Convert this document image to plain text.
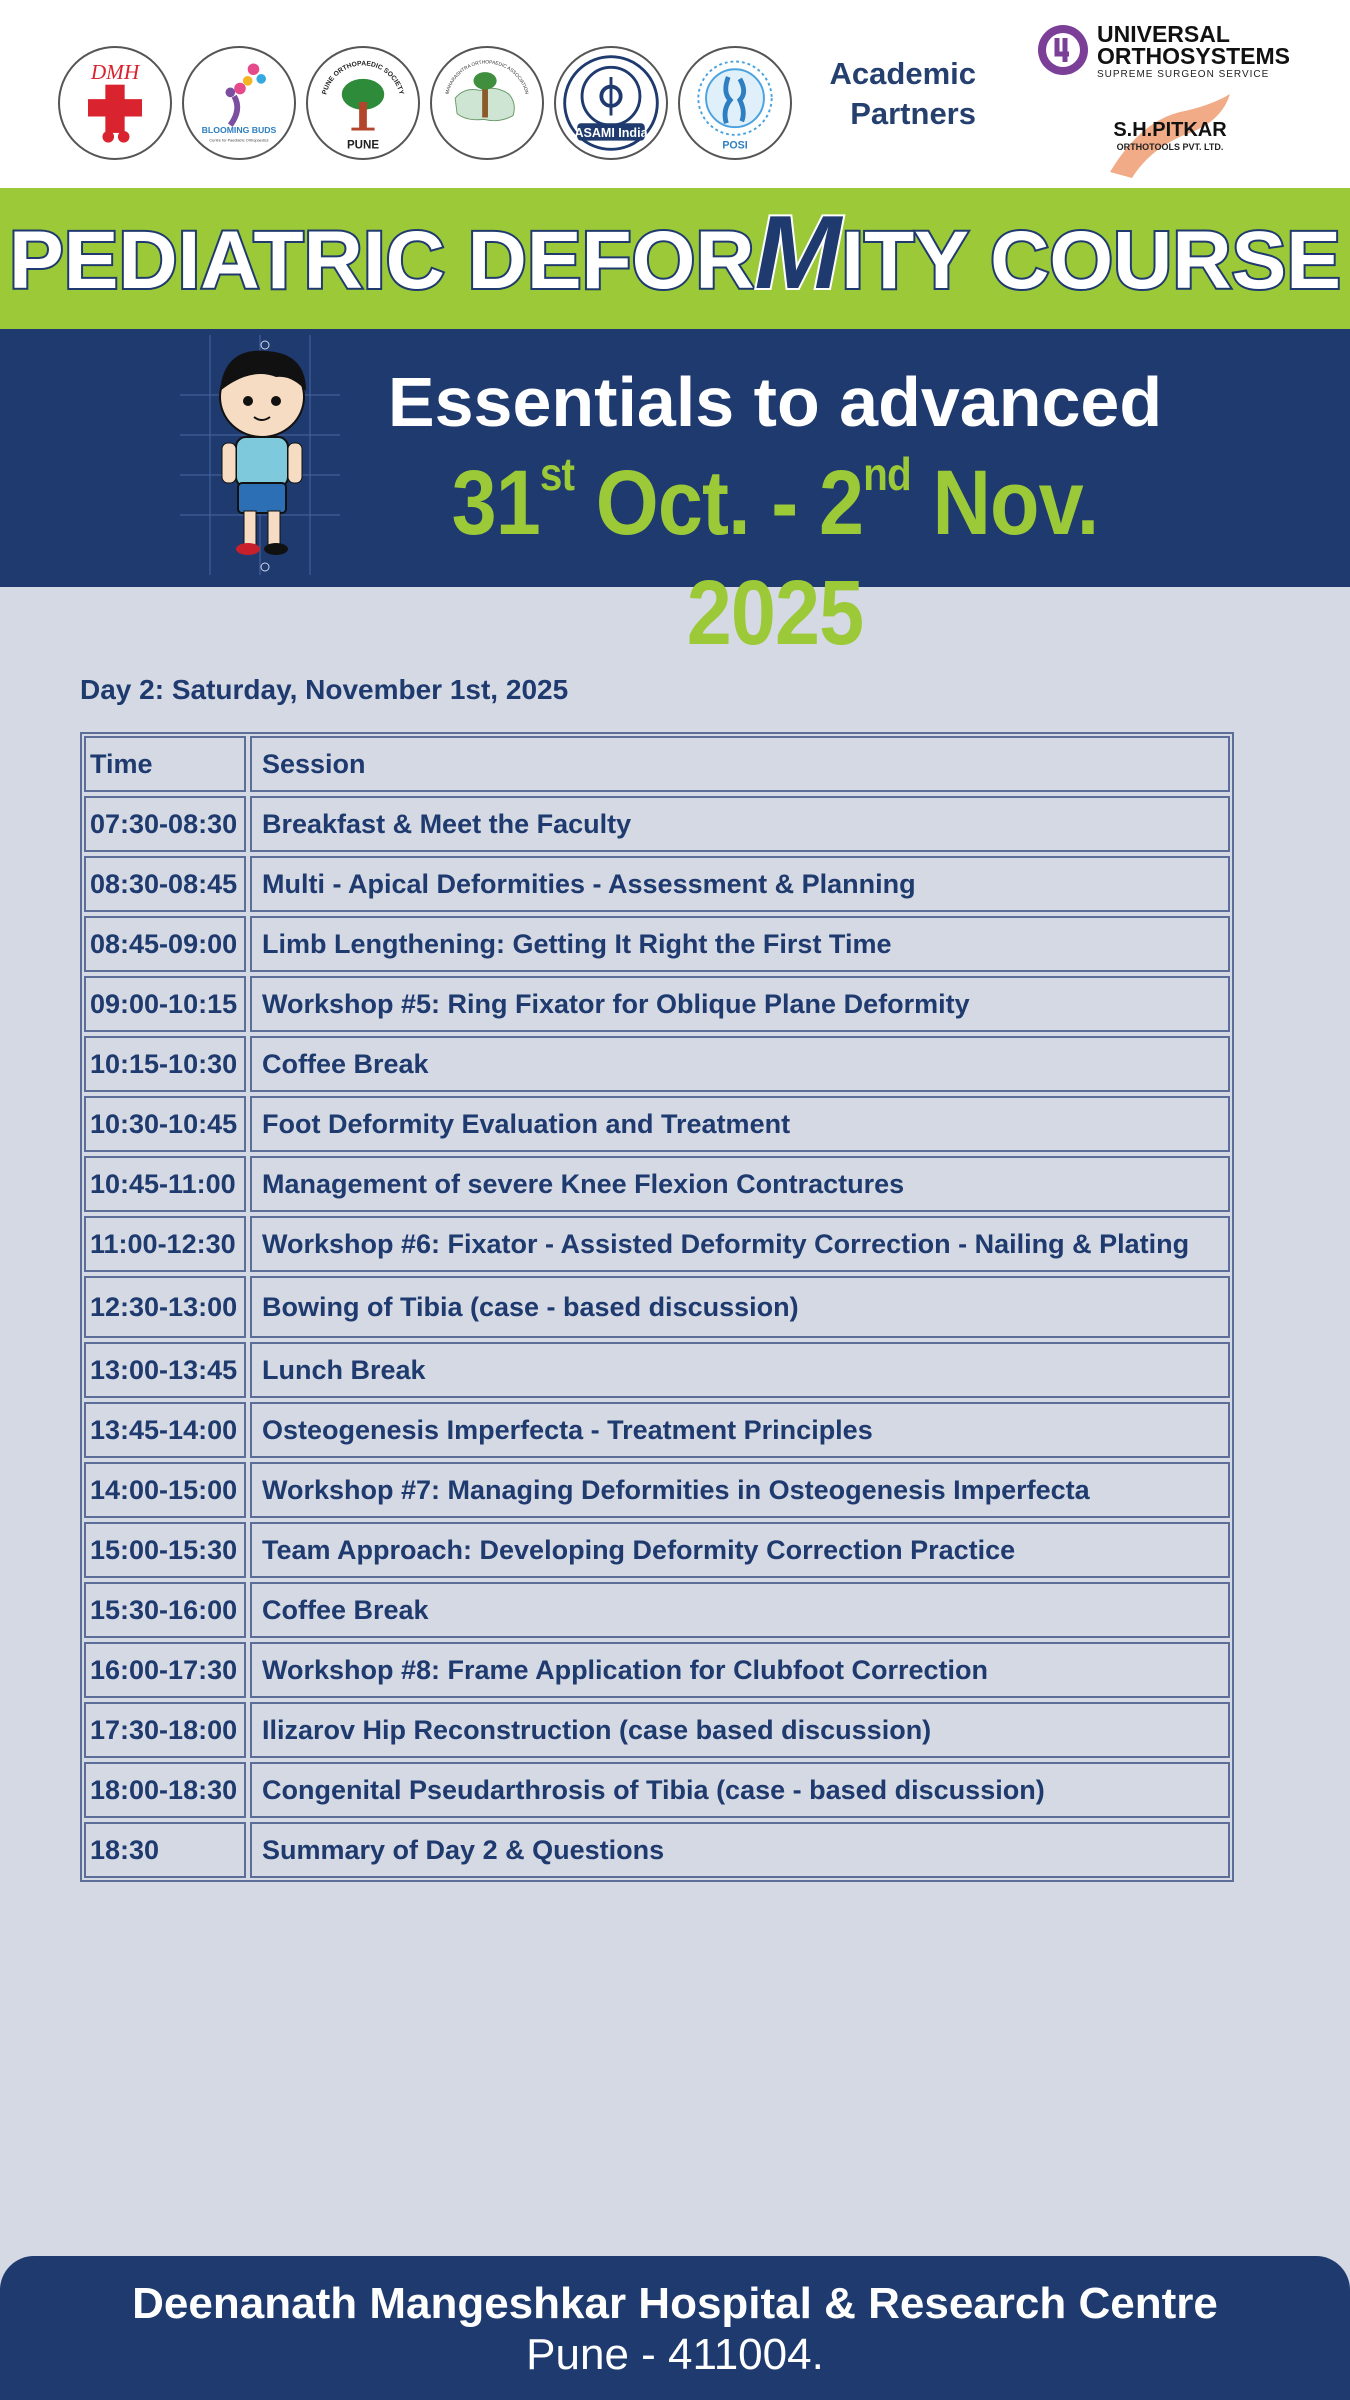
DMH
BLOOMING BUDS
Centre for Paediatric Orthopaedics
PUNE ORTHOPAEDIC SOCIETY
PUNE
MAHARASHTRA ORTHOPAEDIC ASSOCIATION
ASAMI India
POSI
Academic
Partners
UNIVERSAL
ORTHOSYSTEMS
SUPREME SURGEON SERVICE
S.H.PITKAR
ORTHOTOOLS PVT. LTD.
PEDIATRIC DEFORMITY COURSE
Essentials to advanced
31st Oct. - 2nd Nov. 2025
Day 2: Saturday, November 1st, 2025
Time	Session
07:30-08:30 Breakfast & Meet the Faculty
08:30-08:45 Multi - Apical Deformities - Assessment & Planning
08:45-09:00 Limb Lengthening: Getting It Right the First Time
09:00-10:15 Workshop #5: Ring Fixator for Oblique Plane Deformity
10:15-10:30 Coffee Break
10:30-10:45 Foot Deformity Evaluation and Treatment
10:45-11:00 Management of severe Knee Flexion Contractures
11:00-12:30 Workshop #6: Fixator - Assisted Deformity Correction - Nailing & Plating
12:30-13:00 Bowing of Tibia (case - based discussion)
13:00-13:45 Lunch Break
13:45-14:00 Osteogenesis Imperfecta - Treatment Principles
14:00-15:00 Workshop #7: Managing Deformities in Osteogenesis Imperfecta
15:00-15:30 Team Approach: Developing Deformity Correction Practice
15:30-16:00 Coffee Break
16:00-17:30 Workshop #8: Frame Application for Clubfoot Correction
17:30-18:00 Ilizarov Hip Reconstruction (case based discussion)
18:00-18:30 Congenital Pseudarthrosis of Tibia (case - based discussion)
18:30	Summary of Day 2 & Questions
Deenanath Mangeshkar Hospital & Research Centre
Pune - 411004.
